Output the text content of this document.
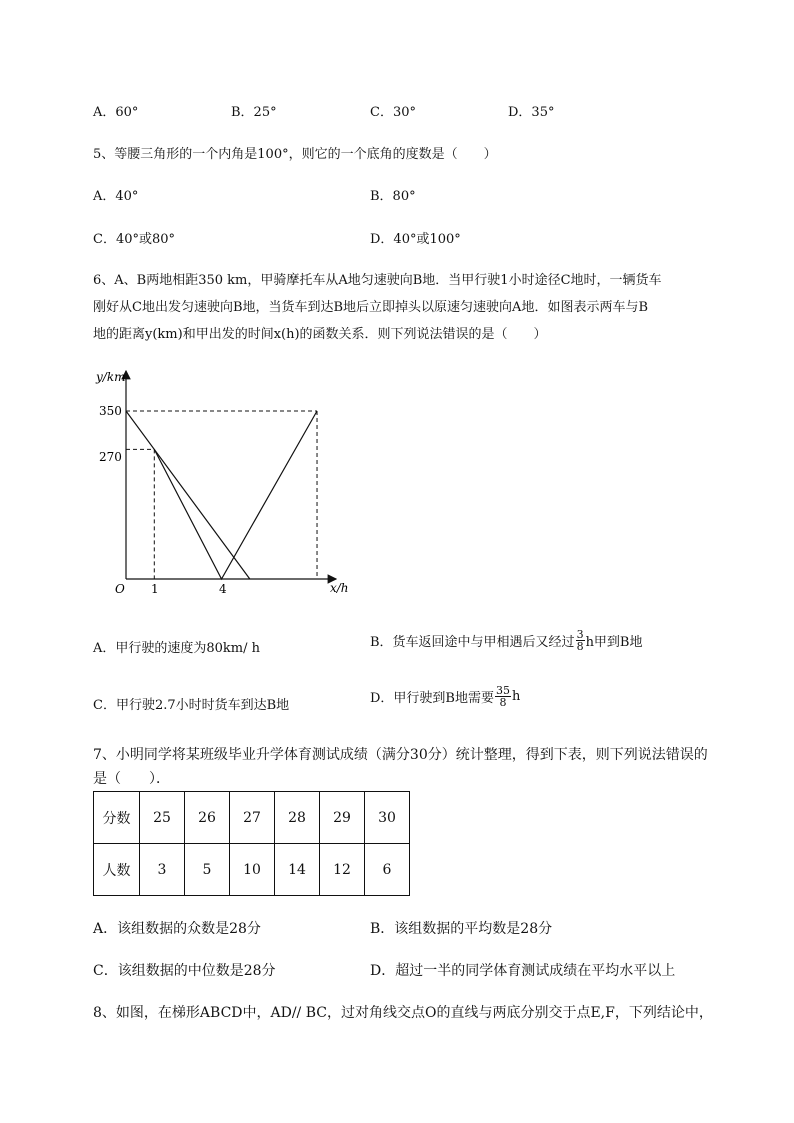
A．60°	B．25°	C．30°	D．35°
5、等腰三角形的一个内角是100°，则它的一个底角的度数是（　　）
A．40°	B．80°
C．40°或80°	D．40°或100°
6、A、B两地相距350 km，甲骑摩托车从A地匀速驶向B地．当甲行驶1小时途径C地时，一辆货车
刚好从C地出发匀速驶向B地，当货车到达B地后立即掉头以原速匀速驶向A地．如图表示两车与B
地的距离y(km)和甲出发的时间x(h)的函数关系．则下列说法错误的是（　　）
y/km
x/h
O
350
270
1	4
A．甲行驶的速度为80km/ h	B．货车返回途中与甲相遇后又经过 $\frac{3}{8}$ h甲到B地
C．甲行驶2.7小时时货车到达B地	D．甲行驶到B地需要 $\frac{35}{8}$ h
7、小明同学将某班级毕业升学体育测试成绩（满分30分）统计整理，得到下表，则下列说法错误的
是（　　）．
分数	25	26	27	28	29	30
人数	3	5	10	14	12	6
A．该组数据的众数是28分	B．该组数据的平均数是28分
C．该组数据的中位数是28分	D．超过一半的同学体育测试成绩在平均水平以上
8、如图，在梯形ABCD中，AD// BC，过对角线交点O的直线与两底分别交于点E,F，下列结论中，
